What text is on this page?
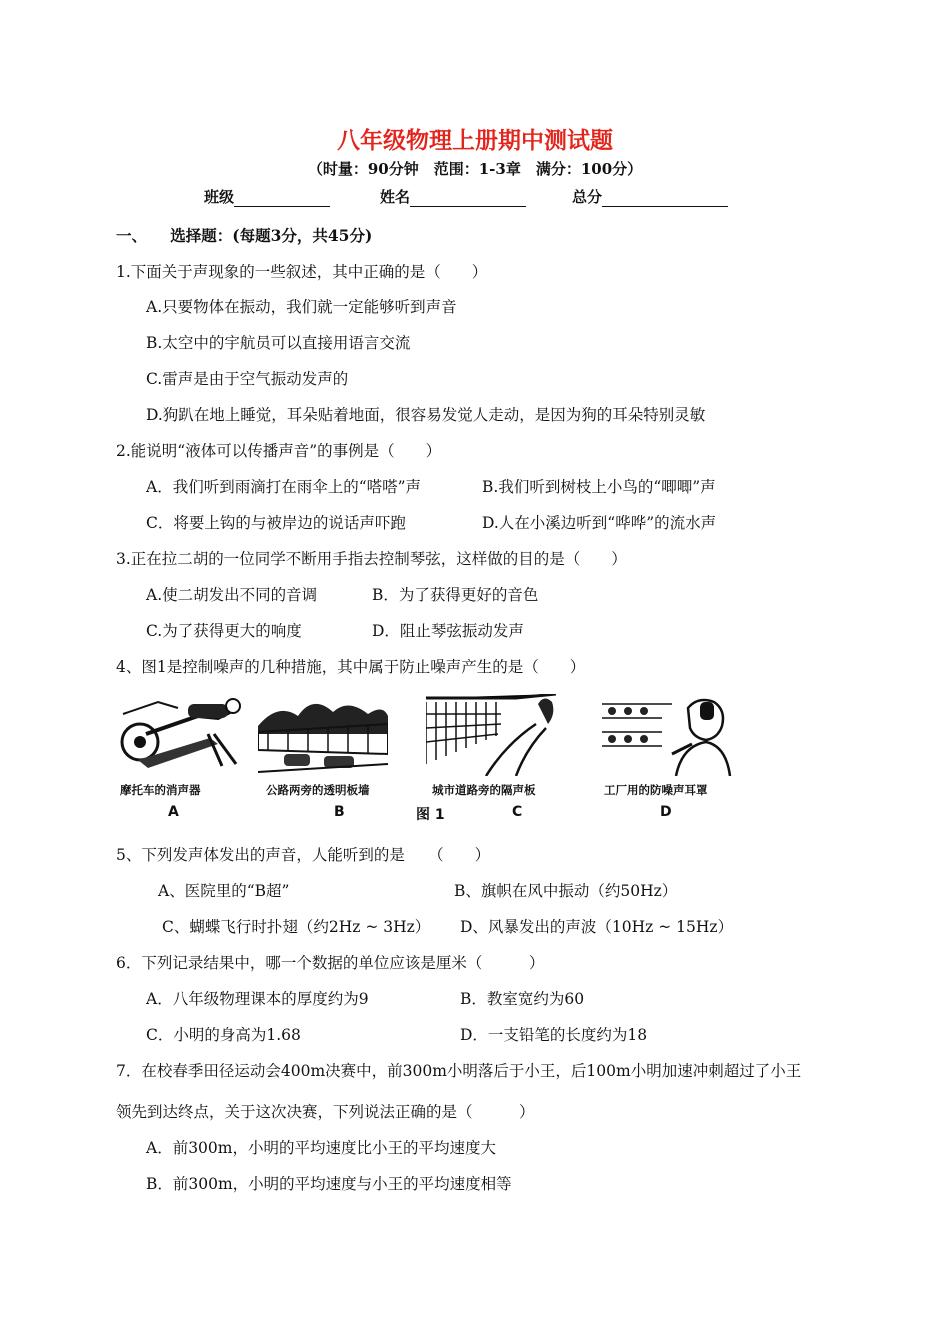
八年级物理上册期中测试题
（时量：90分钟　范围：1-3章　满分：100分）
班级	姓名	总分
一、　　选择题：(每题3分，共45分)
1.下面关于声现象的一些叙述，其中正确的是（　　）
A.只要物体在振动，我们就一定能够听到声音
B.太空中的宇航员可以直接用语言交流
C.雷声是由于空气振动发声的
D.狗趴在地上睡觉，耳朵贴着地面，很容易发觉人走动，是因为狗的耳朵特别灵敏
2.能说明“液体可以传播声音”的事例是（　　）
A．我们听到雨滴打在雨伞上的“嗒嗒”声	B.我们听到树枝上小鸟的“唧唧”声
C．将要上钩的与被岸边的说话声吓跑	D.人在小溪边听到“哗哗”的流水声
3.正在拉二胡的一位同学不断用手指去控制琴弦，这样做的目的是（　　）
A.使二胡发出不同的音调	B．为了获得更好的音色
C.为了获得更大的响度	D．阻止琴弦振动发声
4、图1是控制噪声的几种措施，其中属于防止噪声产生的是（　　）
摩托车的消声器	公路两旁的透明板墙	城市道路旁的隔声板	工厂用的防噪声耳罩
A	B	图 1	C	D
5、下列发声体发出的声音，人能听到的是　　（　　）
A、医院里的“B超”	B、旗帜在风中振动（约50Hz）
C、蝴蝶飞行时扑翅（约2Hz ~ 3Hz） D、风暴发出的声波（10Hz ~ 15Hz）
6．下列记录结果中，哪一个数据的单位应该是厘米（　　　）
A．八年级物理课本的厚度约为9	B．教室宽约为60
C．小明的身高为1.68	D．一支铅笔的长度约为18
7．在校春季田径运动会400m决赛中，前300m小明落后于小王，后100m小明加速冲刺超过了小王
领先到达终点，关于这次决赛，下列说法正确的是（　　　）
A．前300m，小明的平均速度比小王的平均速度大
B．前300m，小明的平均速度与小王的平均速度相等
